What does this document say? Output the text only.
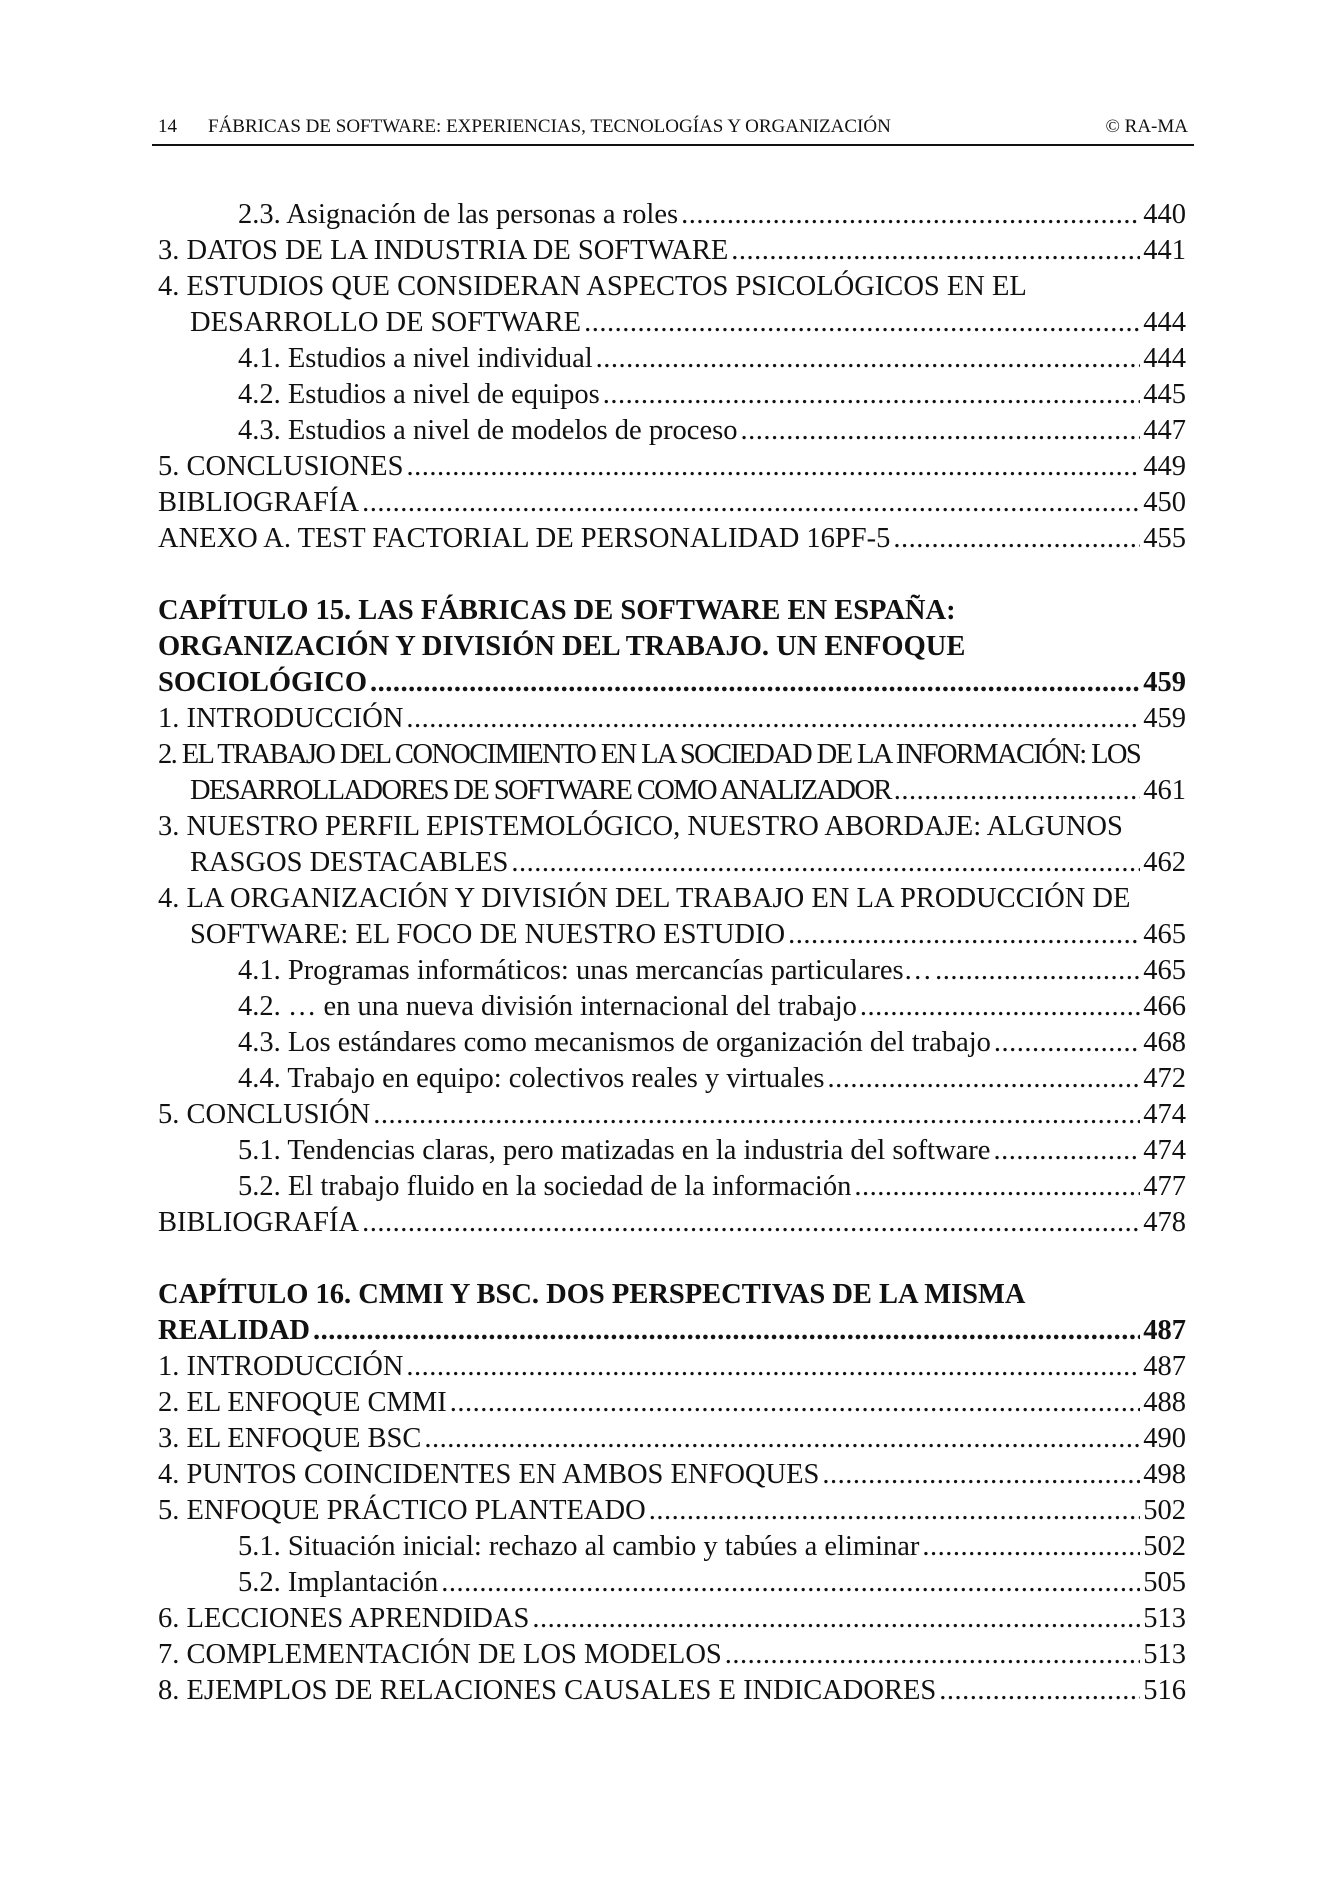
14 FÁBRICAS DE SOFTWARE: EXPERIENCIAS, TECNOLOGÍAS Y ORGANIZACIÓN	© RA-MA
2.3. Asignación de las personas a roles .....	440
3. DATOS DE LA INDUSTRIA DE SOFTWARE .....	441
4. ESTUDIOS QUE CONSIDERAN ASPECTOS PSICOLÓGICOS EN EL
DESARROLLO DE SOFTWARE .....	444
4.1. Estudios a nivel individual .....	444
4.2. Estudios a nivel de equipos .....	445
4.3. Estudios a nivel de modelos de proceso .....	447
5. CONCLUSIONES .....	449
BIBLIOGRAFÍA .....	450
ANEXO A. TEST FACTORIAL DE PERSONALIDAD 16PF-5 .....	455
CAPÍTULO 15. LAS FÁBRICAS DE SOFTWARE EN ESPAÑA:
ORGANIZACIÓN Y DIVISIÓN DEL TRABAJO. UN ENFOQUE
SOCIOLÓGICO .....	459
1. INTRODUCCIÓN .....	459
2. EL TRABAJO DEL CONOCIMIENTO EN LA SOCIEDAD DE LA INFORMACIÓN: LOS
DESARROLLADORES DE SOFTWARE COMO ANALIZADOR .....	461
3. NUESTRO PERFIL EPISTEMOLÓGICO, NUESTRO ABORDAJE: ALGUNOS
RASGOS DESTACABLES .....	462
4. LA ORGANIZACIÓN Y DIVISIÓN DEL TRABAJO EN LA PRODUCCIÓN DE
SOFTWARE: EL FOCO DE NUESTRO ESTUDIO .....	465
4.1. Programas informáticos: unas mercancías particulares… .....	465
4.2. … en una nueva división internacional del trabajo .....	466
4.3. Los estándares como mecanismos de organización del trabajo .....	468
4.4. Trabajo en equipo: colectivos reales y virtuales .....	472
5. CONCLUSIÓN .....	474
5.1. Tendencias claras, pero matizadas en la industria del software .....	474
5.2. El trabajo fluido en la sociedad de la información .....	477
BIBLIOGRAFÍA .....	478
CAPÍTULO 16. CMMI Y BSC. DOS PERSPECTIVAS DE LA MISMA
REALIDAD .....	487
1. INTRODUCCIÓN .....	487
2. EL ENFOQUE CMMI .....	488
3. EL ENFOQUE BSC .....	490
4. PUNTOS COINCIDENTES EN AMBOS ENFOQUES .....	498
5. ENFOQUE PRÁCTICO PLANTEADO .....	502
5.1. Situación inicial: rechazo al cambio y tabúes a eliminar .....	502
5.2. Implantación .....	505
6. LECCIONES APRENDIDAS .....	513
7. COMPLEMENTACIÓN DE LOS MODELOS .....	513
8. EJEMPLOS DE RELACIONES CAUSALES E INDICADORES .....	516
